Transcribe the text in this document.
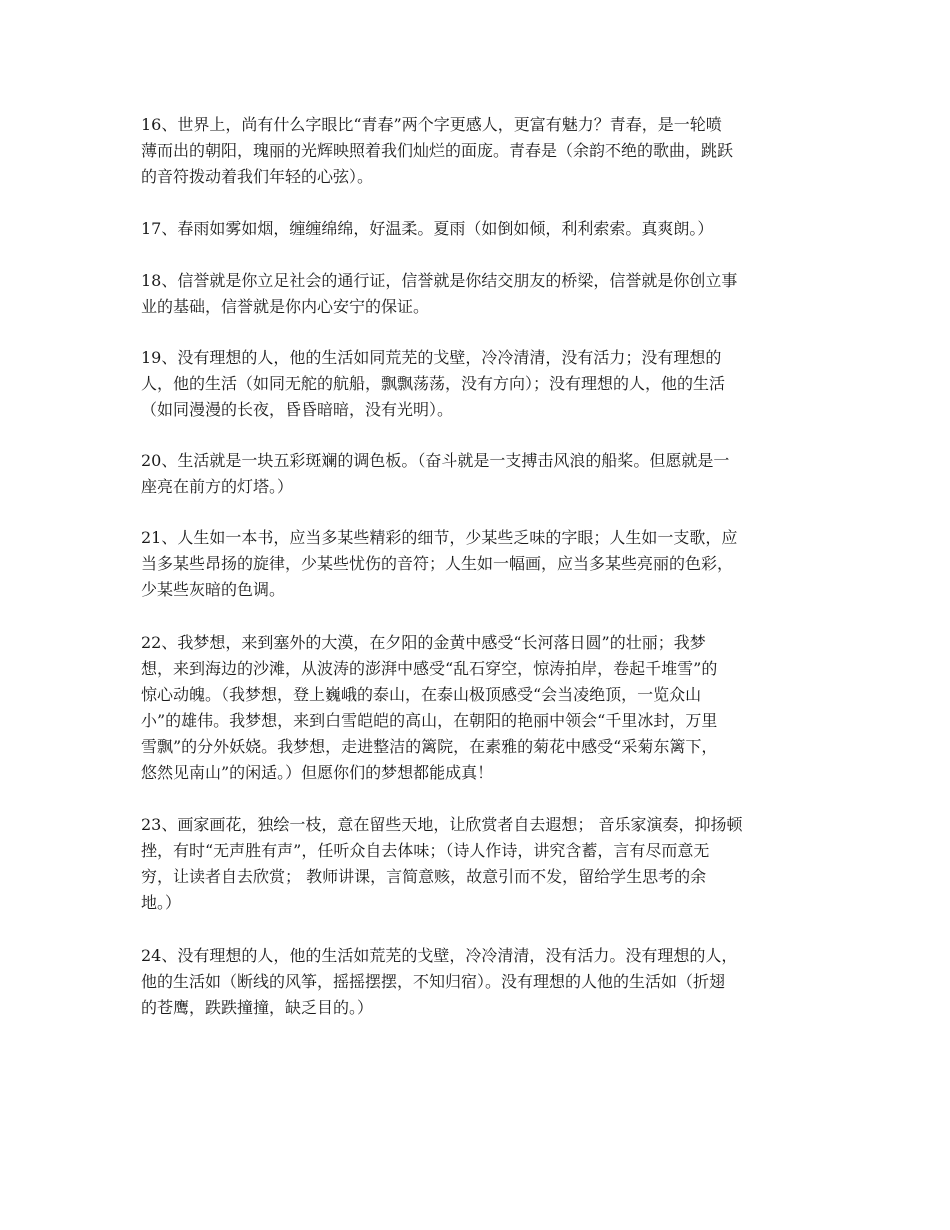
16、世界上，尚有什么字眼比“青春”两个字更感人，更富有魅力？青春，是一轮喷
薄而出的朝阳，瑰丽的光辉映照着我们灿烂的面庞。青春是（余韵不绝的歌曲，跳跃
的音符拨动着我们年轻的心弦）。
17、春雨如雾如烟，缠缠绵绵，好温柔。夏雨（如倒如倾，利利索索。真爽朗。）
18、信誉就是你立足社会的通行证，信誉就是你结交朋友的桥梁，信誉就是你创立事
业的基础，信誉就是你内心安宁的保证。
19、没有理想的人，他的生活如同荒芜的戈壁，冷冷清清，没有活力；没有理想的
人，他的生活（如同无舵的航船，飘飘荡荡，没有方向）；没有理想的人，他的生活
（如同漫漫的长夜，昏昏暗暗，没有光明）。
20、生活就是一块五彩斑斓的调色板。（奋斗就是一支搏击风浪的船桨。但愿就是一
座亮在前方的灯塔。）
21、人生如一本书，应当多某些精彩的细节，少某些乏味的字眼；人生如一支歌，应
当多某些昂扬的旋律，少某些忧伤的音符；人生如一幅画，应当多某些亮丽的色彩，
少某些灰暗的色调。
22、我梦想，来到塞外的大漠，在夕阳的金黄中感受“长河落日圆”的壮丽；我梦
想，来到海边的沙滩，从波涛的澎湃中感受“乱石穿空，惊涛拍岸，卷起千堆雪”的
惊心动魄。（我梦想，登上巍峨的泰山，在泰山极顶感受“会当凌绝顶，一览众山
小”的雄伟。我梦想，来到白雪皑皑的高山，在朝阳的艳丽中领会“千里冰封，万里
雪飘”的分外妖娆。我梦想，走进整洁的篱院，在素雅的菊花中感受“采菊东篱下，
悠然见南山”的闲适。）但愿你们的梦想都能成真！
23、画家画花，独绘一枝，意在留些天地，让欣赏者自去遐想； 音乐家演奏，抑扬顿
挫，有时“无声胜有声”，任听众自去体味；（诗人作诗，讲究含蓄，言有尽而意无
穷，让读者自去欣赏； 教师讲课，言简意赅，故意引而不发，留给学生思考的余
地。）
24、没有理想的人，他的生活如荒芜的戈壁，冷冷清清，没有活力。没有理想的人，
他的生活如（断线的风筝，摇摇摆摆，不知归宿）。没有理想的人他的生活如（折翅
的苍鹰，跌跌撞撞，缺乏目的。）
